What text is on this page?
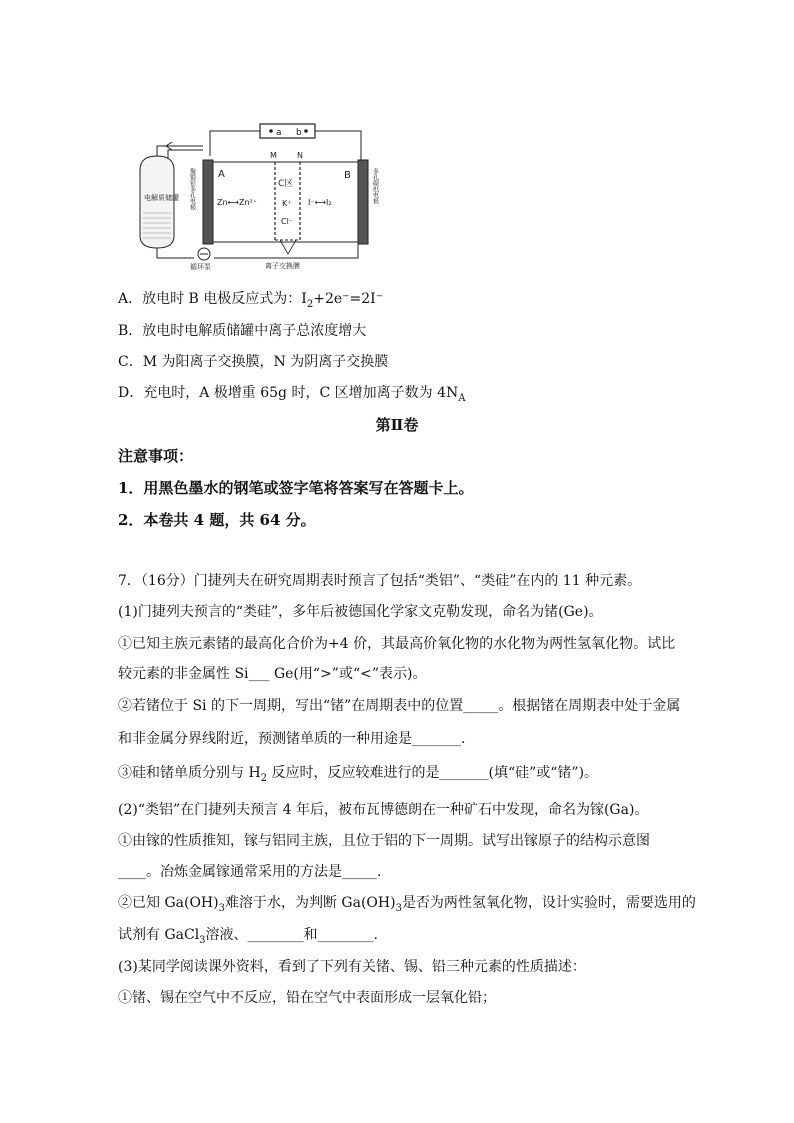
a b
聚锻铅多孔电极 A	多孔碳纸电极
B
M	N
Zn⟷Zn²⁺
C区
K⁺
Cl⁻
I⁻⟷I₂
电解质储罐
循环泵	离子交换膜
A．放电时 B 电极反应式为：$I_2+2e^-=2I^-$
B．放电时电解质储罐中离子总浓度增大
C．M 为阳离子交换膜，N 为阴离子交换膜
D．充电时，A 极增重 65g 时，C 区增加离子数为 $4N_A$
第Ⅱ卷
注意事项：
1．用黑色墨水的钢笔或签字笔将答案写在答题卡上。
2．本卷共 4 题，共 64 分。
7．（16分）门捷列夫在研究周期表时预言了包括“类铝”、“类硅”在内的 11 种元素。
(1)门捷列夫预言的“类硅”，多年后被德国化学家文克勒发现，命名为锗(Ge)。
①已知主族元素锗的最高化合价为+4 价，其最高价氧化物的水化物为两性氢氧化物。试比
较元素的非金属性 Si___ Ge(用“>”或“<”表示)。
②若锗位于 Si 的下一周期，写出“锗”在周期表中的位置_____。根据锗在周期表中处于金属
和非金属分界线附近，预测锗单质的一种用途是_______.
③硅和锗单质分别与 $H_2$ 反应时，反应较难进行的是_______(填“硅”或“锗”)。
(2)“类铝”在门捷列夫预言 4 年后，被布瓦博德朗在一种矿石中发现，命名为镓(Ga)。
①由镓的性质推知，镓与铝同主族，且位于铝的下一周期。试写出镓原子的结构示意图
____。冶炼金属镓通常采用的方法是_____.
②已知 $Ga(OH)_3$难溶于水，为判断 $Ga(OH)_3$是否为两性氢氧化物，设计实验时，需要选用的
试剂有 GaCl$_3$溶液、________和________.
(3)某同学阅读课外资料，看到了下列有关锗、锡、铅三种元素的性质描述：
①锗、锡在空气中不反应，铅在空气中表面形成一层氧化铅；
